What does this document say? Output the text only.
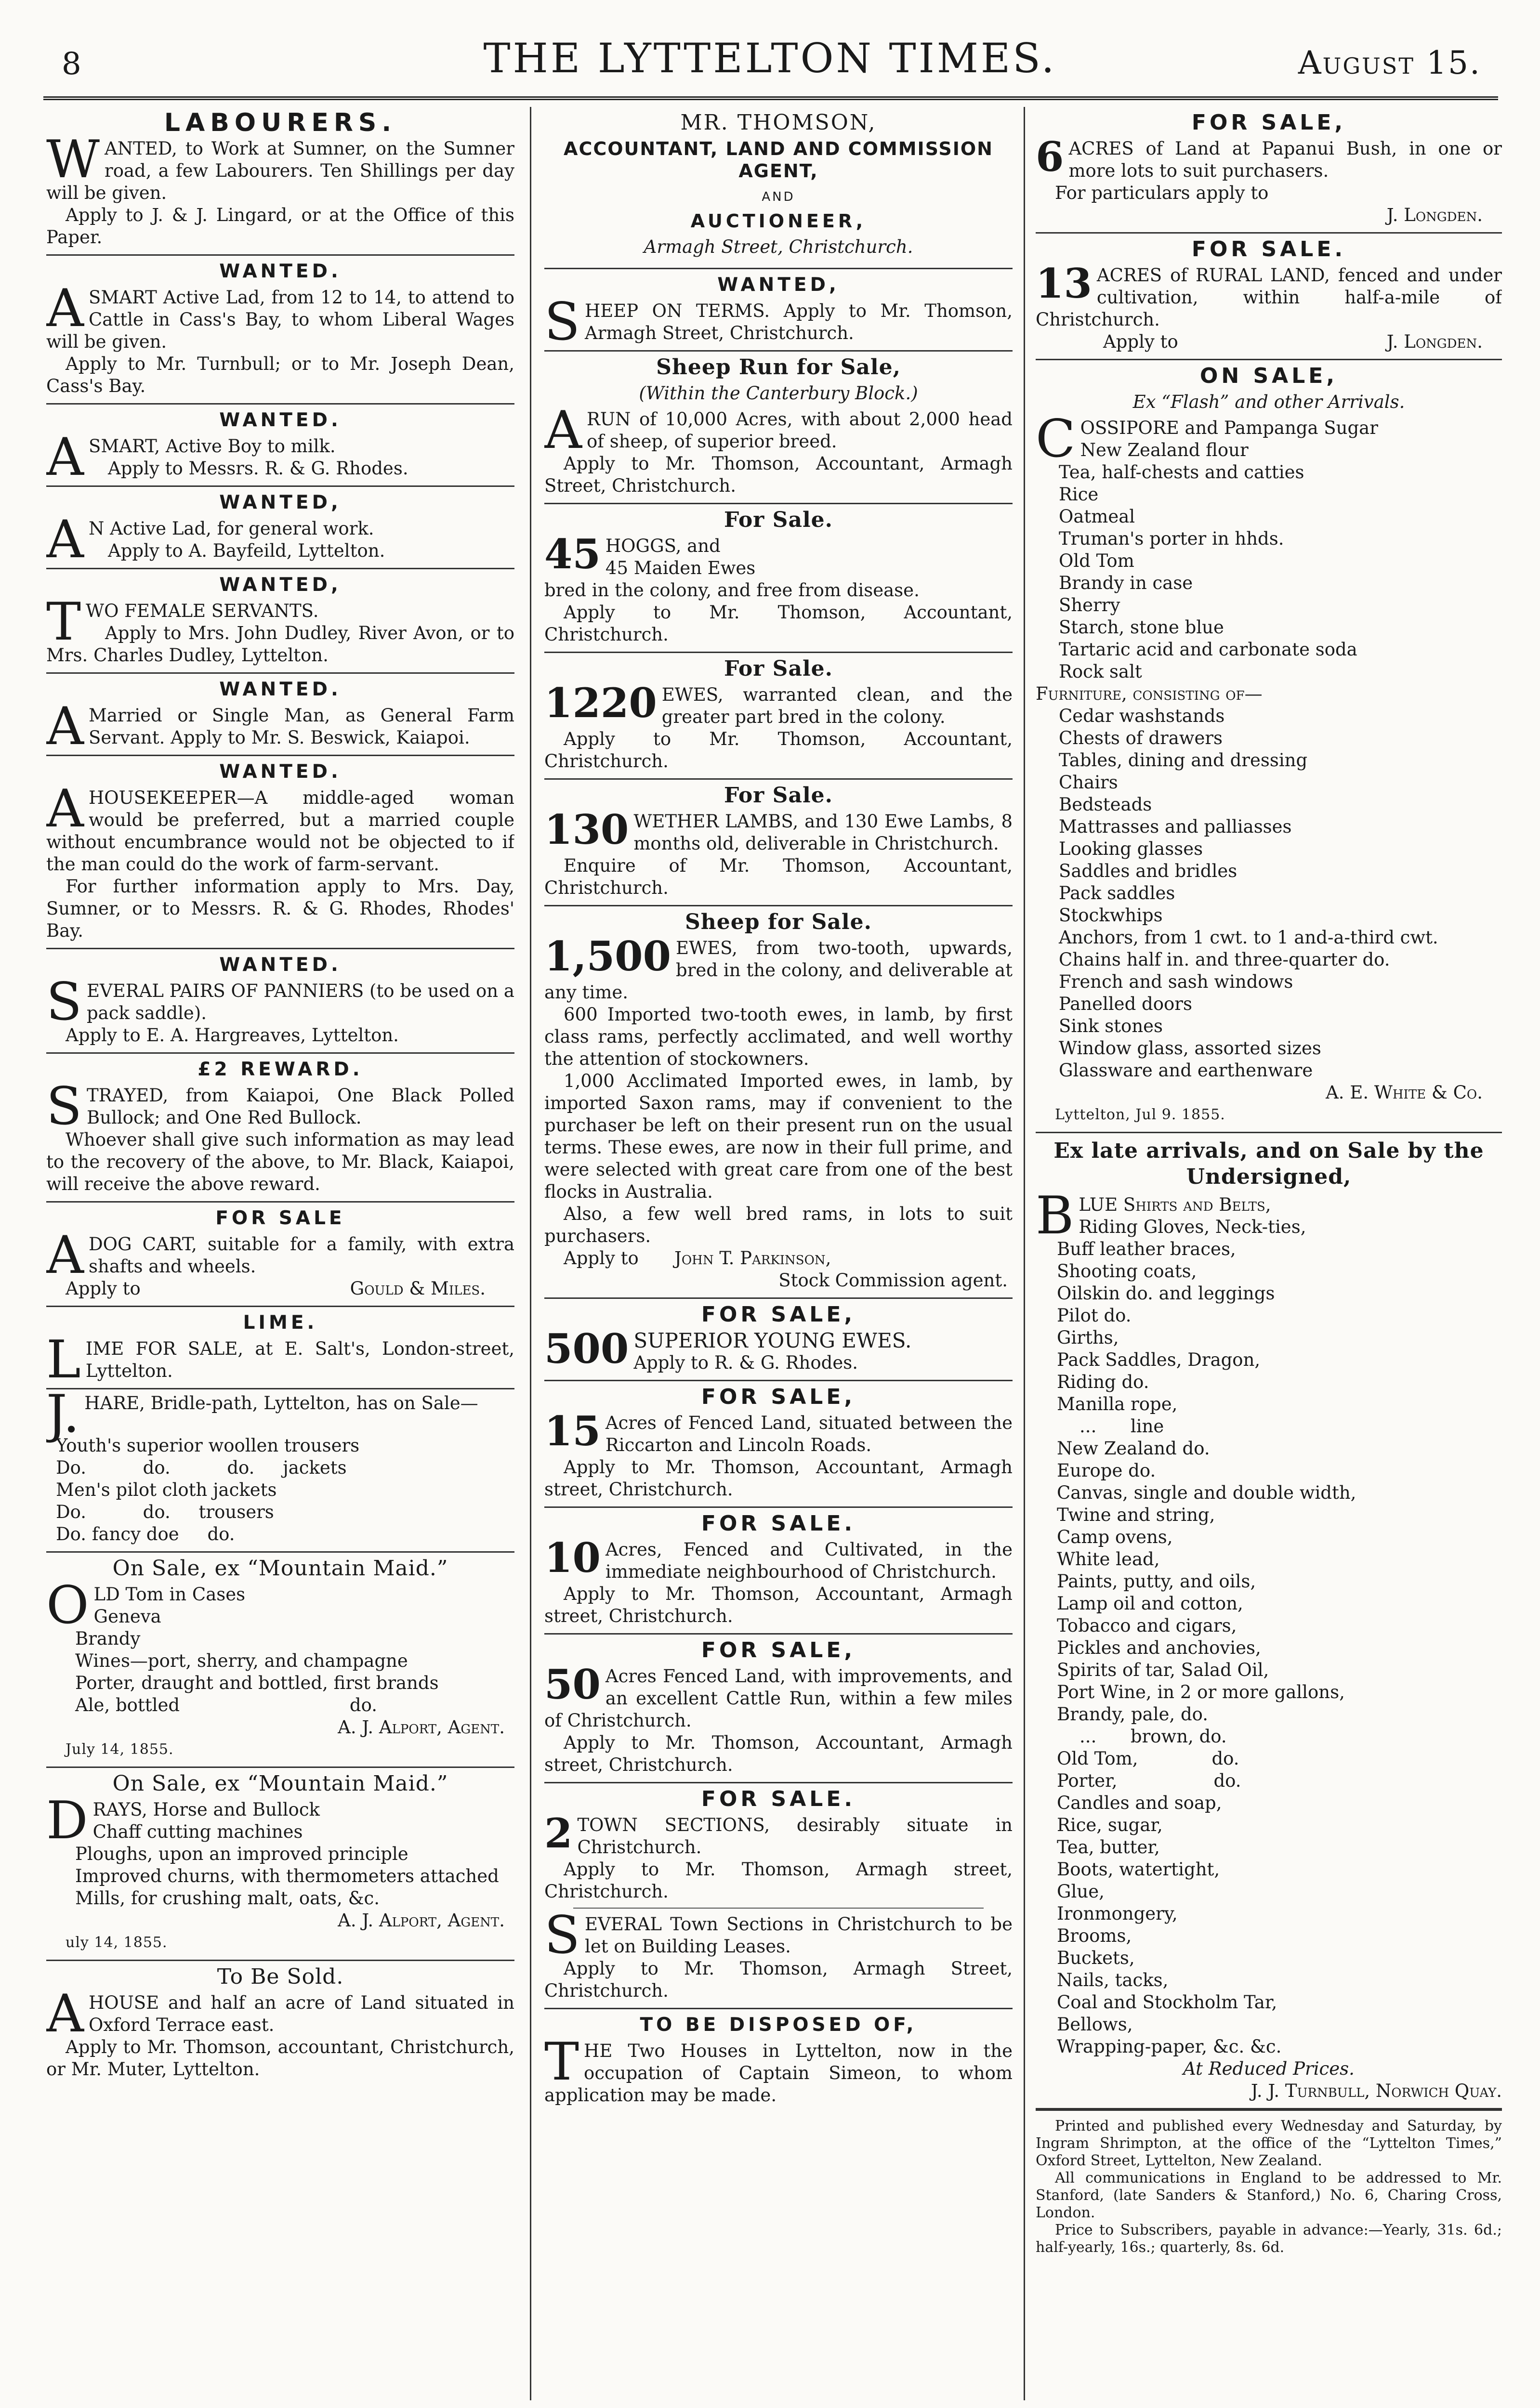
8	THE LYTTELTON TIMES.	August 15.
LABOURERS.
W ANTED, to Work at Sumner, on the Sumner road, a few Labourers. Ten Shillings per day will be given.

Apply to J. & J. Lingard, or at the Office of this Paper.

WANTED.
A SMART Active Lad, from 12 to 14, to attend to Cattle in Cass's Bay, to whom Liberal Wages will be given.

Apply to Mr. Turnbull; or to Mr. Joseph Dean, Cass's Bay.

WANTED.
A SMART, Active Boy to milk.

Apply to Messrs. R. & G. Rhodes.

WANTED,
A N Active Lad, for general work.

Apply to A. Bayfeild, Lyttelton.

WANTED,
T WO FEMALE SERVANTS.

Apply to Mrs. John Dudley, River Avon, or to Mrs. Charles Dudley, Lyttelton.

WANTED.
A Married or Single Man, as General Farm Servant. Apply to Mr. S. Beswick, Kaiapoi.

WANTED.
A HOUSEKEEPER—A middle-aged woman would be preferred, but a married couple without encumbrance would not be objected to if the man could do the work of farm-servant.

For further information apply to Mrs. Day, Sumner, or to Messrs. R. & G. Rhodes, Rhodes' Bay.

WANTED.
S EVERAL PAIRS OF PANNIERS (to be used on a pack saddle).

Apply to E. A. Hargreaves, Lyttelton.

£2 REWARD.
S TRAYED, from Kaiapoi, One Black Polled Bullock; and One Red Bullock.

Whoever shall give such information as may lead to the recovery of the above, to Mr. Black, Kaiapoi, will receive the above reward.

FOR SALE
A DOG CART, suitable for a family, with extra shafts and wheels.

Apply to	Gould & Miles.
LIME.
L IME FOR SALE, at E. Salt's, London-street, Lyttelton.

J. HARE, Bridle-path, Lyttelton, has on Sale—

Youth's superior woollen trousers
Do.          do.          do.     jackets
Men's pilot cloth jackets
Do.          do.     trousers
Do. fancy doe     do.
On Sale, ex “Mountain Maid.”
O LD Tom in Cases

Geneva
Brandy
Wines—port, sherry, and champagne
Porter, draught and bottled, first brands
Ale, bottled                              do.
A. J. Alport, Agent.
July 14, 1855.
On Sale, ex “Mountain Maid.”
D RAYS, Horse and Bullock

Chaff cutting machines
Ploughs, upon an improved principle
Improved churns, with thermometers attached
Mills, for crushing malt, oats, &c.
A. J. Alport, Agent.
uly 14, 1855.
To Be Sold.
A HOUSE and half an acre of Land situated in Oxford Terrace east.

Apply to Mr. Thomson, accountant, Christchurch, or Mr. Muter, Lyttelton.

MR. THOMSON,
ACCOUNTANT, LAND AND COMMISSION AGENT,
AND
AUCTIONEER,
Armagh Street, Christchurch.
WANTED,
S HEEP ON TERMS. Apply to Mr. Thomson, Armagh Street, Christchurch.

Sheep Run for Sale,
(Within the Canterbury Block.)
A RUN of 10,000 Acres, with about 2,000 head of sheep, of superior breed.

Apply to Mr. Thomson, Accountant, Armagh Street, Christchurch.

For Sale.
45 HOGGS, and

45 Maiden Ewes

bred in the colony, and free from disease.

Apply to Mr. Thomson, Accountant, Christchurch.

For Sale.
1220 EWES, warranted clean, and the greater part bred in the colony.

Apply to Mr. Thomson, Accountant, Christchurch.

For Sale.
130 WETHER LAMBS, and 130 Ewe Lambs, 8 months old, deliverable in Christchurch.

Enquire of Mr. Thomson, Accountant, Christchurch.

Sheep for Sale.
1,500 EWES, from two-tooth, upwards, bred in the colony, and deliverable at any time.

600 Imported two-tooth ewes, in lamb, by first class rams, perfectly acclimated, and well worthy the attention of stockowners.

1,000 Acclimated Imported ewes, in lamb, by imported Saxon rams, may if convenient to the purchaser be left on their present run on the usual terms. These ewes, are now in their full prime, and were selected with great care from one of the best flocks in Australia.

Also, a few well bred rams, in lots to suit purchasers.

Apply to	John T. Parkinson,
Stock Commission agent.
FOR SALE,
500 SUPERIOR YOUNG EWES.

Apply to R. & G. Rhodes.

FOR SALE,
15 Acres of Fenced Land, situated between the Riccarton and Lincoln Roads.

Apply to Mr. Thomson, Accountant, Armagh street, Christchurch.

FOR SALE.
10 Acres, Fenced and Cultivated, in the immediate neighbourhood of Christchurch.

Apply to Mr. Thomson, Accountant, Armagh street, Christchurch.

FOR SALE,
50 Acres Fenced Land, with improvements, and an excellent Cattle Run, within a few miles of Christchurch.

Apply to Mr. Thomson, Accountant, Armagh street, Christchurch.

FOR SALE.
2 TOWN SECTIONS, desirably situate in Christchurch.

Apply to Mr. Thomson, Armagh street, Christchurch.

S EVERAL Town Sections in Christchurch to be let on Building Leases.

Apply to Mr. Thomson, Armagh Street, Christchurch.

TO BE DISPOSED OF,
T HE Two Houses in Lyttelton, now in the occupation of Captain Simeon, to whom application may be made.

FOR SALE,
6 ACRES of Land at Papanui Bush, in one or more lots to suit purchasers.

For particulars apply to

J. Longden.
FOR SALE.
13 ACRES of RURAL LAND, fenced and under cultivation, within half-a-mile of Christchurch.

Apply to	J. Longden.
ON SALE,
Ex “Flash” and other Arrivals.
C OSSIPORE and Pampanga Sugar

New Zealand flour
Tea, half-chests and catties
Rice
Oatmeal
Truman's porter in hhds.
Old Tom
Brandy in case
Sherry
Starch, stone blue
Tartaric acid and carbonate soda
Rock salt
Furniture, consisting of—
Cedar washstands
Chests of drawers
Tables, dining and dressing
Chairs
Bedsteads
Mattrasses and palliasses
Looking glasses
Saddles and bridles
Pack saddles
Stockwhips
Anchors, from 1 cwt. to 1 and-a-third cwt.
Chains half in. and three-quarter do.
French and sash windows
Panelled doors
Sink stones
Window glass, assorted sizes
Glassware and earthenware
A. E. White & Co.
Lyttelton, Jul 9. 1855.
Ex late arrivals, and on Sale by the Undersigned,
B LUE Shirts and Belts,

Riding Gloves, Neck-ties,
Buff leather braces,
Shooting coats,
Oilskin do. and leggings
Pilot do.
Girths,
Pack Saddles, Dragon,
Riding do.
Manilla rope,
...      line
New Zealand do.
Europe do.
Canvas, single and double width,
Twine and string,
Camp ovens,
White lead,
Paints, putty, and oils,
Lamp oil and cotton,
Tobacco and cigars,
Pickles and anchovies,
Spirits of tar, Salad Oil,
Port Wine, in 2 or more gallons,
Brandy, pale, do.
...      brown, do.
Old Tom,             do.
Porter,                 do.
Candles and soap,
Rice, sugar,
Tea, butter,
Boots, watertight,
Glue,
Ironmongery,
Brooms,
Buckets,
Nails, tacks,
Coal and Stockholm Tar,
Bellows,
Wrapping-paper, &c. &c.
At Reduced Prices.
J. J. Turnbull, Norwich Quay.

Printed and published every Wednesday and Saturday, by Ingram Shrimpton, at the office of the “Lyttelton Times,” Oxford Street, Lyttelton, New Zealand.

All communications in England to be addressed to Mr. Stanford, (late Sanders & Stanford,) No. 6, Charing Cross, London.

Price to Subscribers, payable in advance:—Yearly, 31s. 6d.; half-yearly, 16s.; quarterly, 8s. 6d.
